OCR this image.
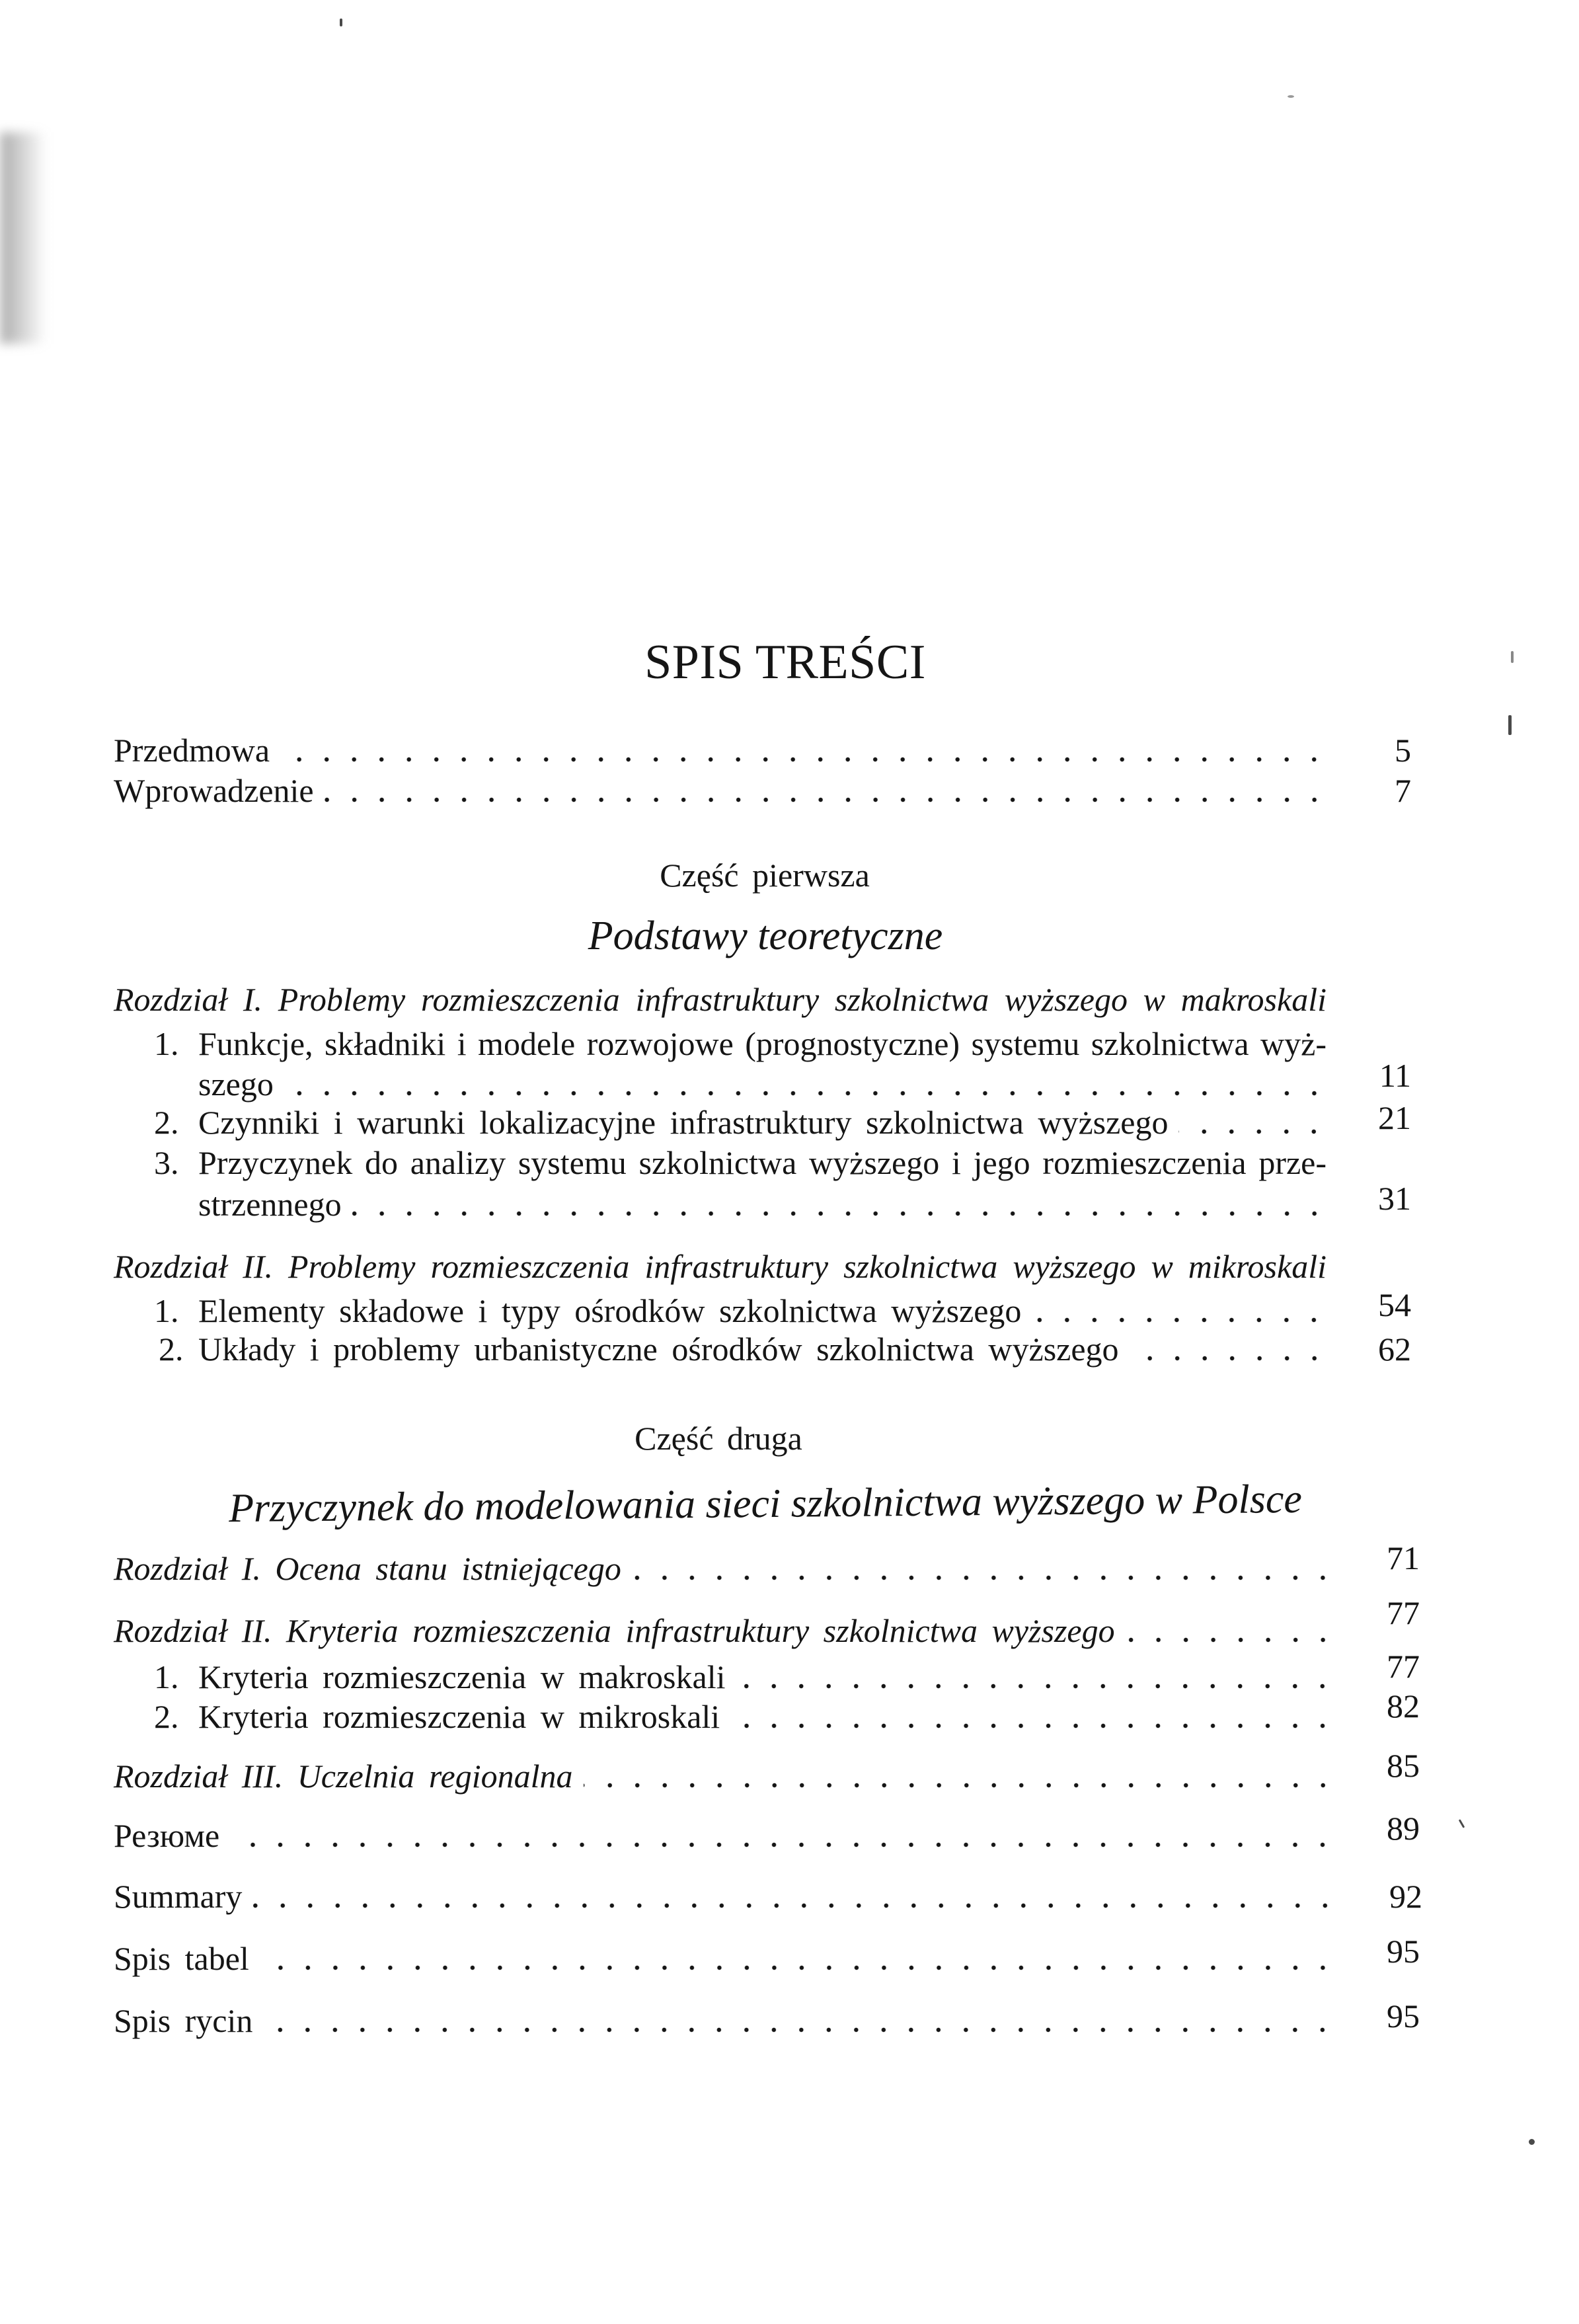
SPIS TREŚCI
Przedmowa	5
Wprowadzenie	7
Część pierwsza
Podstawy teoretyczne
Rozdział I. Problemy rozmieszczenia infrastruktury szkolnictwa wyższego w makroskali
1. Funkcje, składniki i modele rozwojowe (prognostyczne) systemu szkolnictwa wyż-
szego	11
2. Czynniki i warunki lokalizacyjne infrastruktury szkolnictwa wyższego	21
3. Przyczynek do analizy systemu szkolnictwa wyższego i jego rozmieszczenia prze-
strzennego	31
Rozdział II. Problemy rozmieszczenia infrastruktury szkolnictwa wyższego w mikroskali
1. Elementy składowe i typy ośrodków szkolnictwa wyższego	54
2. Układy i problemy urbanistyczne ośrodków szkolnictwa wyższego	62
Część druga
Przyczynek do modelowania sieci szkolnictwa wyższego w Polsce
Rozdział I. Ocena stanu istniejącego	71
Rozdział II. Kryteria rozmieszczenia infrastruktury szkolnictwa wyższego	77
1. Kryteria rozmieszczenia w makroskali	77
2. Kryteria rozmieszczenia w mikroskali	82
Rozdział III. Uczelnia regionalna	85
Резюме	89
Summary	92
Spis tabel	95
Spis rycin	95
